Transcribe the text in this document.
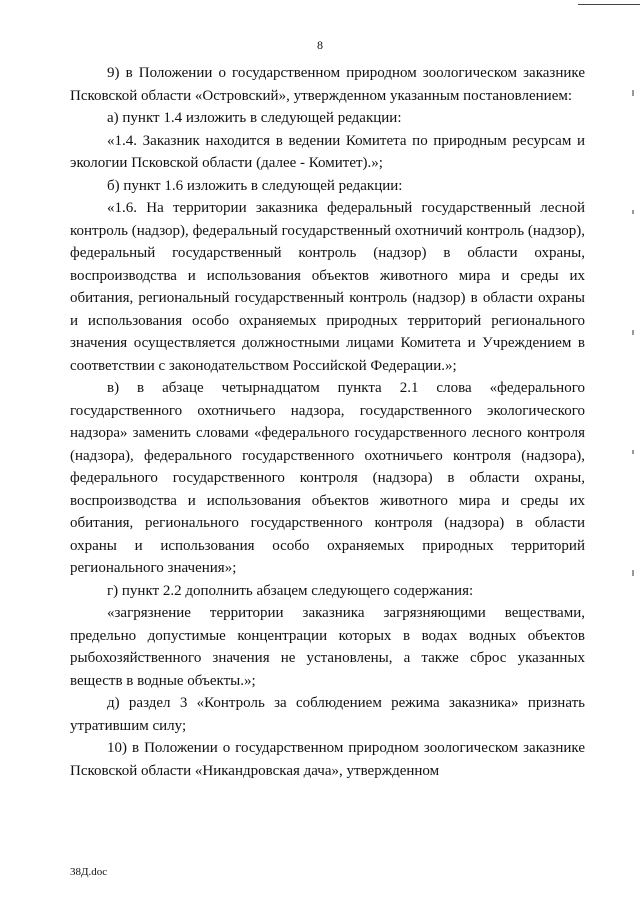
8

9) в Положении о государственном природном зоологическом заказнике Псковской области «Островский», утвержденном указанным постановлением:

а) пункт 1.4 изложить в следующей редакции:

«1.4. Заказник находится в ведении Комитета по природным ресурсам и экологии Псковской области (далее - Комитет).»;

б) пункт 1.6 изложить в следующей редакции:

«1.6. На территории заказника федеральный государственный лесной контроль (надзор), федеральный государственный охотничий контроль (надзор), федеральный государственный контроль (надзор) в области охраны, воспроизводства и использования объектов животного мира и среды их обитания, региональный государственный контроль (надзор) в области охраны и использования особо охраняемых природных территорий регионального значения осуществляется должностными лицами Комитета и Учреждением в соответствии с законодательством Российской Федерации.»;

в) в абзаце четырнадцатом пункта 2.1 слова «федерального государственного охотничьего надзора, государственного экологического надзора» заменить словами «федерального государственного лесного контроля (надзора), федерального государственного охотничьего контроля (надзора), федерального государственного контроля (надзора) в области охраны, воспроизводства и использования объектов животного мира и среды их обитания, регионального государственного контроля (надзора) в области охраны и использования особо охраняемых природных территорий регионального значения»;

г) пункт 2.2 дополнить абзацем следующего содержания:

«загрязнение территории заказника загрязняющими веществами, предельно допустимые концентрации которых в водах водных объектов рыбохозяйственного значения не установлены, а также сброс указанных веществ в водные объекты.»;

д) раздел 3 «Контроль за соблюдением режима заказника» признать утратившим силу;

10) в Положении о государственном природном зоологическом заказнике Псковской области «Никандровская дача», утвержденном

38Д.doc
